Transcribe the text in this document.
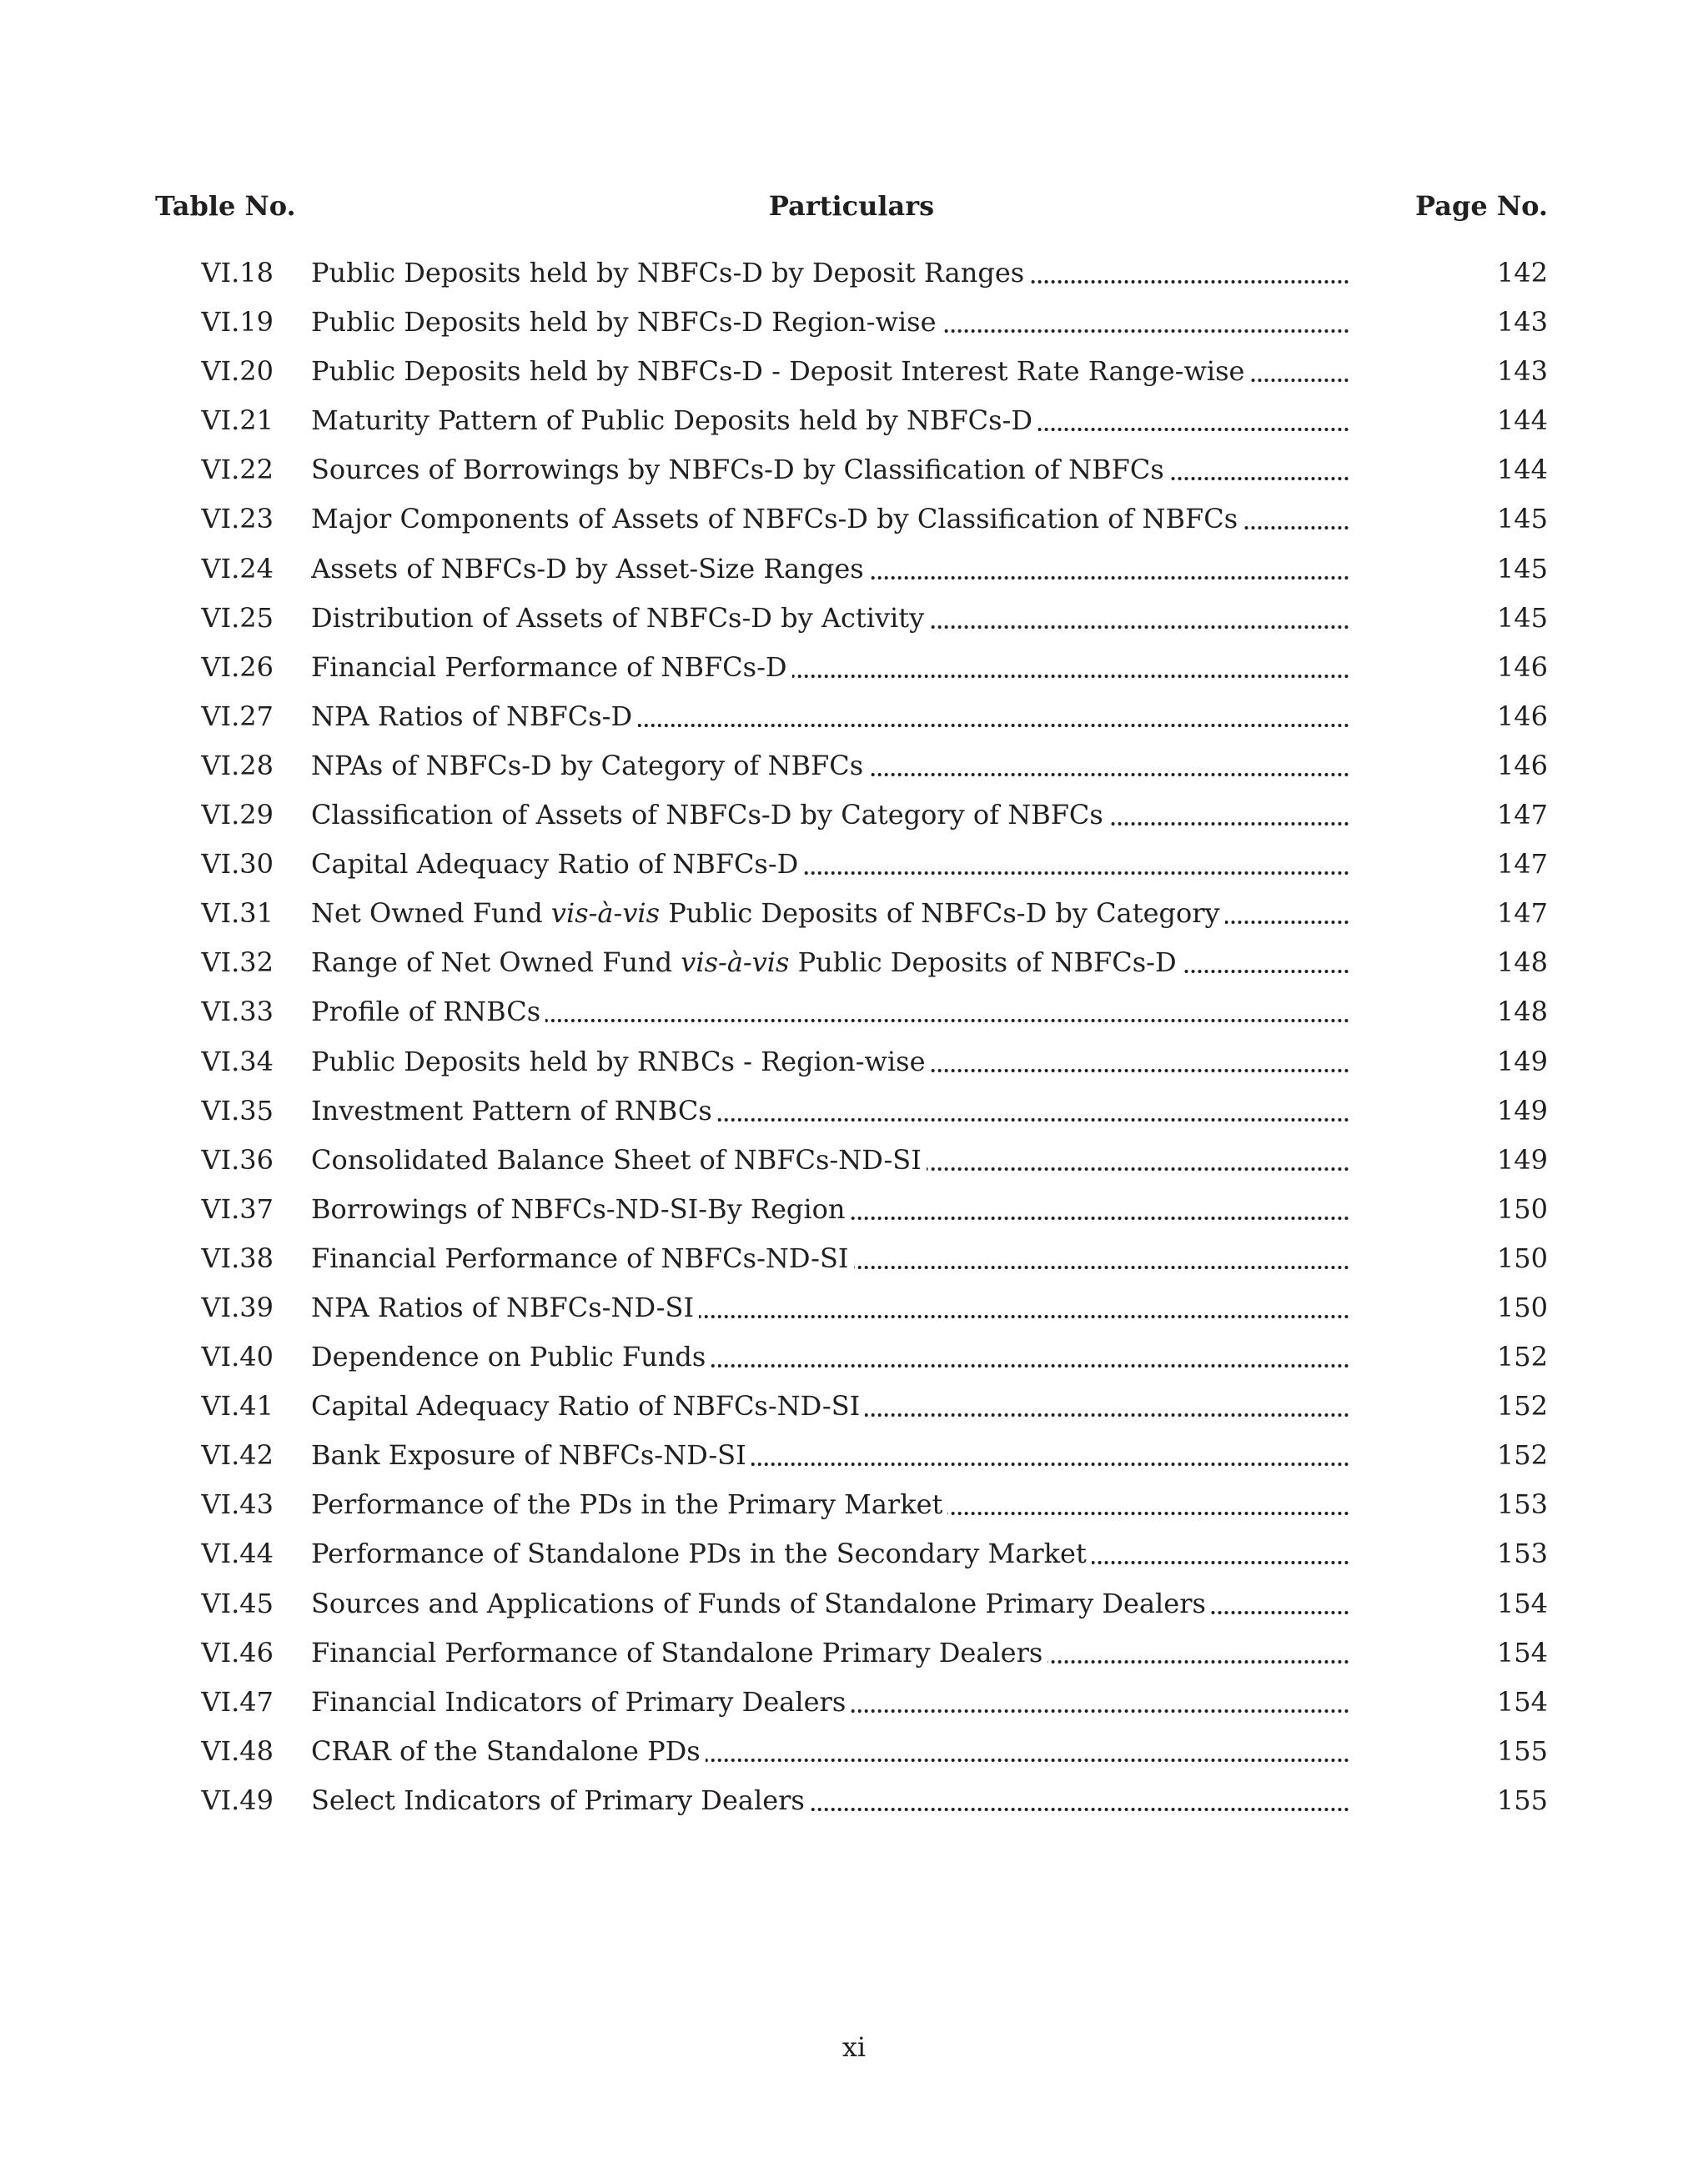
Table No.	Particulars	Page No.
VI.18 Public Deposits held by NBFCs-D by Deposit Ranges	142
VI.19 Public Deposits held by NBFCs-D Region-wise	143
VI.20 Public Deposits held by NBFCs-D - Deposit Interest Rate Range-wise	143
VI.21 Maturity Pattern of Public Deposits held by NBFCs-D	144
VI.22 Sources of Borrowings by NBFCs-D by Classification of NBFCs	144
VI.23 Major Components of Assets of NBFCs-D by Classification of NBFCs	145
VI.24 Assets of NBFCs-D by Asset-Size Ranges	145
VI.25 Distribution of Assets of NBFCs-D by Activity	145
VI.26 Financial Performance of NBFCs-D	146
VI.27 NPA Ratios of NBFCs-D	146
VI.28 NPAs of NBFCs-D by Category of NBFCs	146
VI.29 Classification of Assets of NBFCs-D by Category of NBFCs	147
VI.30 Capital Adequacy Ratio of NBFCs-D	147
VI.31 Net Owned Fund vis-à-vis Public Deposits of NBFCs-D by Category	147
VI.32 Range of Net Owned Fund vis-à-vis Public Deposits of NBFCs-D	148
VI.33 Profile of RNBCs	148
VI.34 Public Deposits held by RNBCs - Region-wise	149
VI.35 Investment Pattern of RNBCs	149
VI.36 Consolidated Balance Sheet of NBFCs-ND-SI	149
VI.37 Borrowings of NBFCs-ND-SI-By Region	150
VI.38 Financial Performance of NBFCs-ND-SI	150
VI.39 NPA Ratios of NBFCs-ND-SI	150
VI.40 Dependence on Public Funds	152
VI.41 Capital Adequacy Ratio of NBFCs-ND-SI	152
VI.42 Bank Exposure of NBFCs-ND-SI	152
VI.43 Performance of the PDs in the Primary Market	153
VI.44 Performance of Standalone PDs in the Secondary Market	153
VI.45 Sources and Applications of Funds of Standalone Primary Dealers	154
VI.46 Financial Performance of Standalone Primary Dealers	154
VI.47 Financial Indicators of Primary Dealers	154
VI.48 CRAR of the Standalone PDs	155
VI.49 Select Indicators of Primary Dealers	155
xi
